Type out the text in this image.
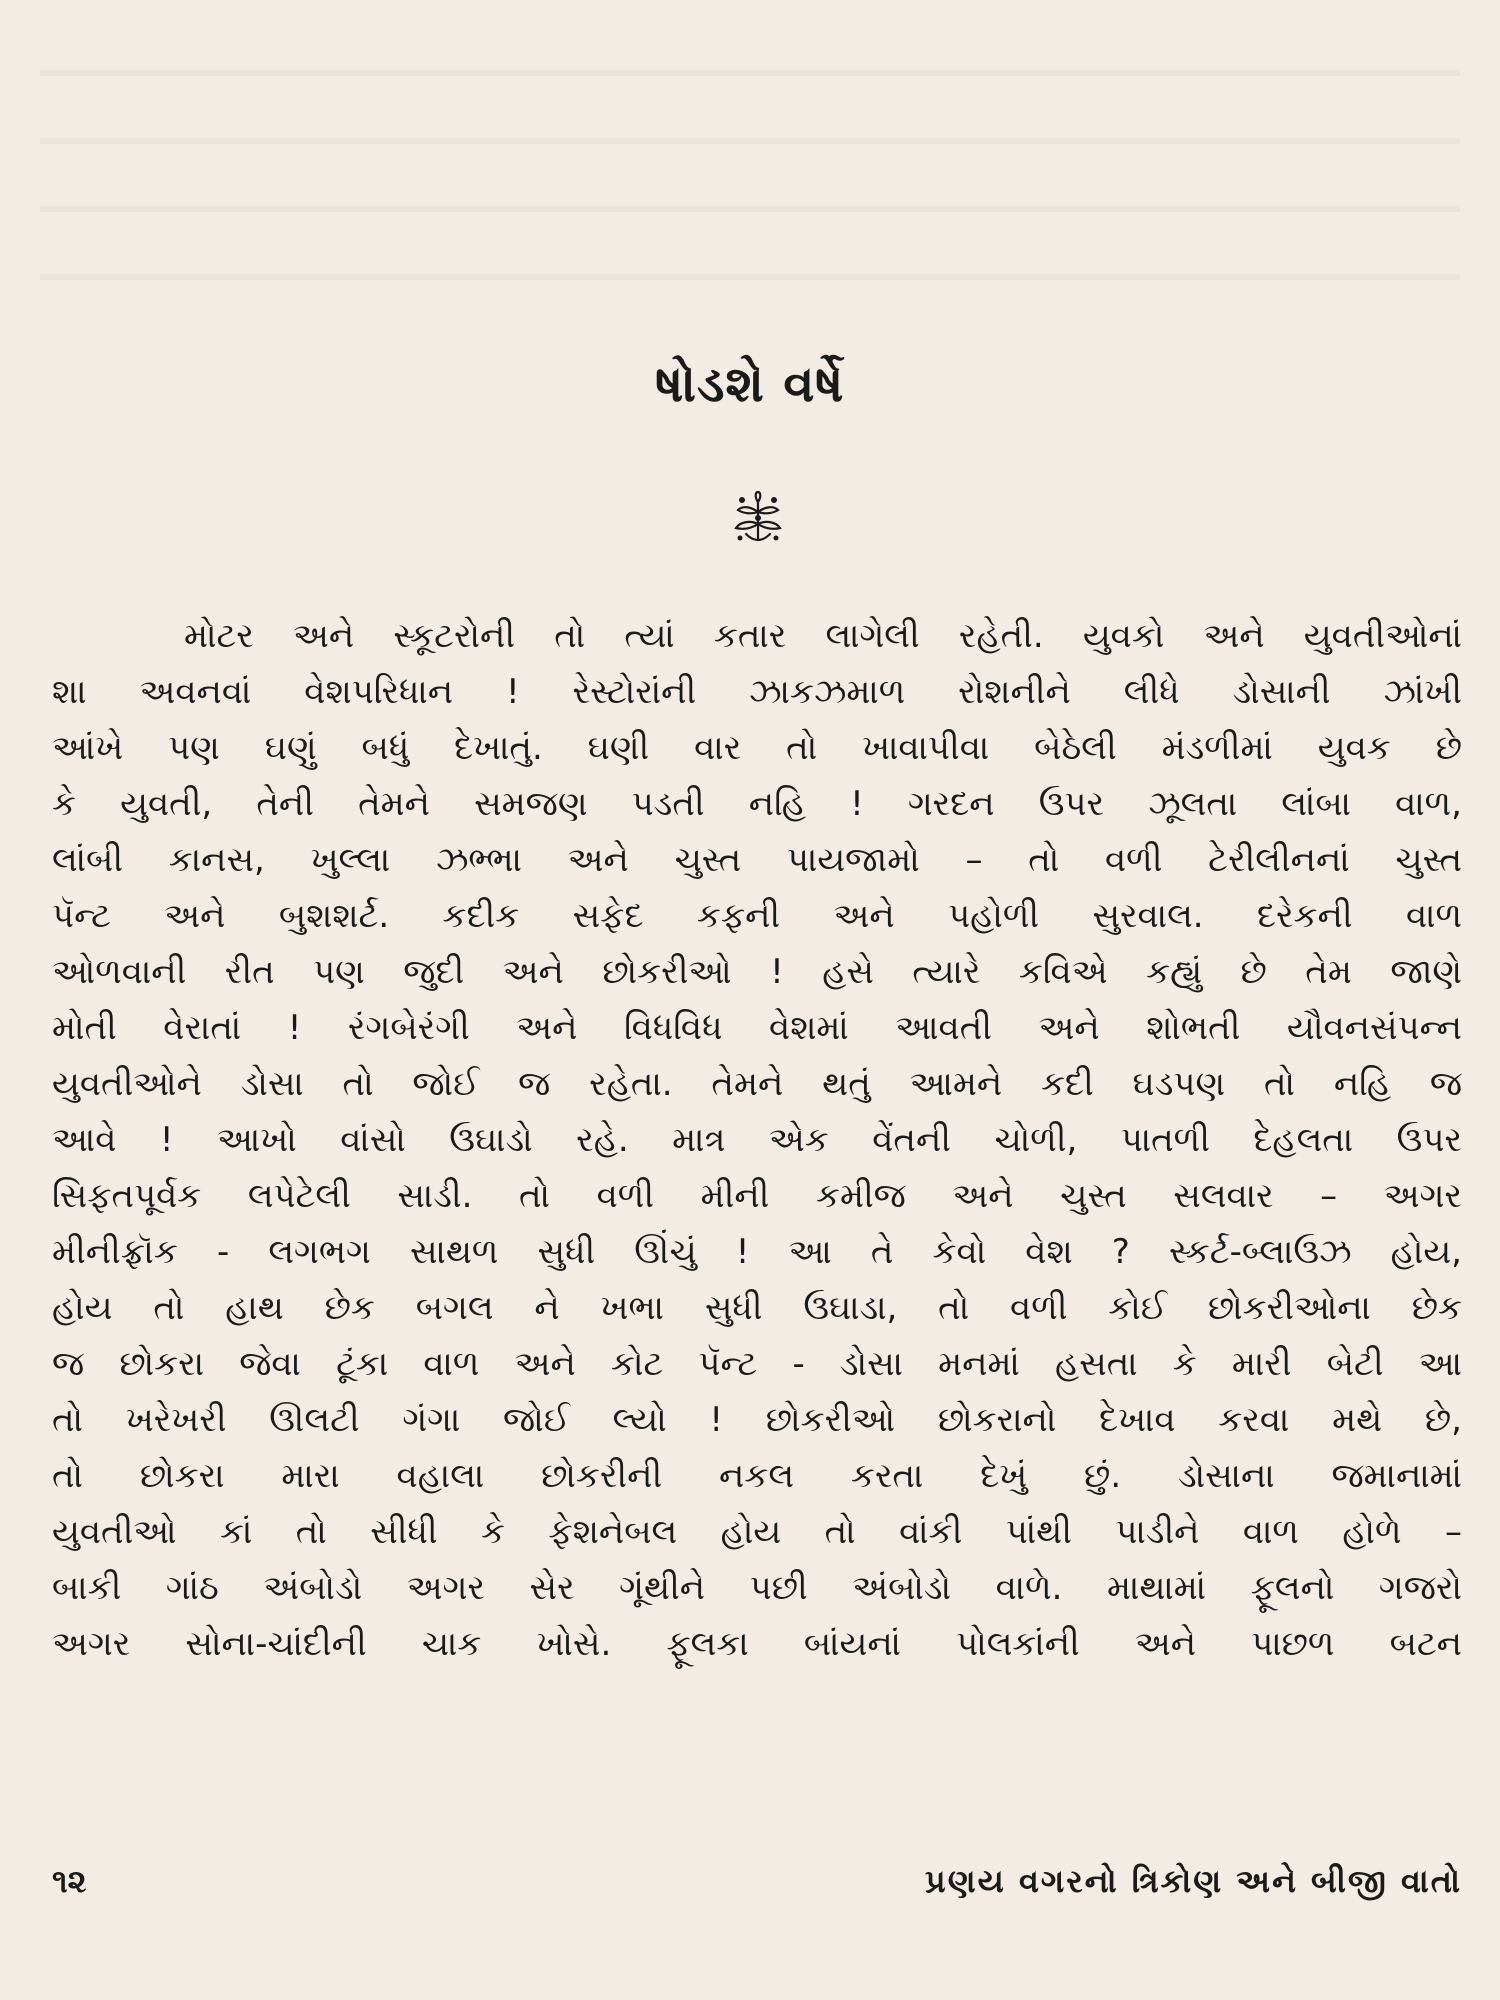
ષોડશે વર્ષે
મોટર અને સ્કૂટરોની તો ત્યાં કતાર લાગેલી રહેતી. યુવકો અને યુવતીઓનાં
શા અવનવાં વેશપરિધાન ! રેસ્ટોરાંની ઝાકઝમાળ રોશનીને લીધે ડોસાની ઝાંખી
આંખે પણ ઘણું બધું દેખાતું. ઘણી વાર તો ખાવાપીવા બેઠેલી મંડળીમાં યુવક છે
કે યુવતી, તેની તેમને સમજણ પડતી નહિ ! ગરદન ઉપર ઝૂલતા લાંબા વાળ,
લાંબી કાનસ, ખુલ્લા ઝભ્ભા અને ચુસ્ત પાયજામો – તો વળી ટેરીલીનનાં ચુસ્ત
પૅન્ટ અને બુશશર્ટ. કદીક સફેદ કફની અને પહોળી સુરવાલ. દરેકની વાળ
ઓળવાની રીત પણ જુદી અને છોકરીઓ ! હસે ત્યારે કવિએ કહ્યું છે તેમ જાણે
મોતી વેરાતાં ! રંગબેરંગી અને વિધવિધ વેશમાં આવતી અને શોભતી યૌવનસંપન્ન
યુવતીઓને ડોસા તો જોઈ જ રહેતા. તેમને થતું આમને કદી ઘડપણ તો નહિ જ
આવે ! આખો વાંસો ઉઘાડો રહે. માત્ર એક વેંતની ચોળી, પાતળી દેહલતા ઉપર
સિફતપૂર્વક લપેટેલી સાડી. તો વળી મીની કમીજ અને ચુસ્ત સલવાર – અગર
મીનીફ્રૉક - લગભગ સાથળ સુધી ઊંચું ! આ તે કેવો વેશ ? સ્કર્ટ-બ્લાઉઝ હોય,
હોય તો હાથ છેક બગલ ને ખભા સુધી ઉઘાડા, તો વળી કોઈ છોકરીઓના છેક
જ છોકરા જેવા ટૂંકા વાળ અને કોટ પૅન્ટ - ડોસા મનમાં હસતા કે મારી બેટી આ
તો ખરેખરી ઊલટી ગંગા જોઈ લ્યો ! છોકરીઓ છોકરાનો દેખાવ કરવા મથે છે,
તો છોકરા મારા વહાલા છોકરીની નકલ કરતા દેખું છું. ડોસાના જમાનામાં
યુવતીઓ કાં તો સીધી કે ફેશનેબલ હોય તો વાંકી પાંથી પાડીને વાળ હોળે –
બાકી ગાંઠ અંબોડો અગર સેર ગૂંથીને પછી અંબોડો વાળે. માથામાં ફૂલનો ગજરો
અગર સોના-ચાંદીની ચાક ખોસે. ફૂલકા બાંયનાં પોલકાંની અને પાછળ બટન
૧૨	પ્રણય વગરનો ત્રિકોણ અને બીજી વાતો
